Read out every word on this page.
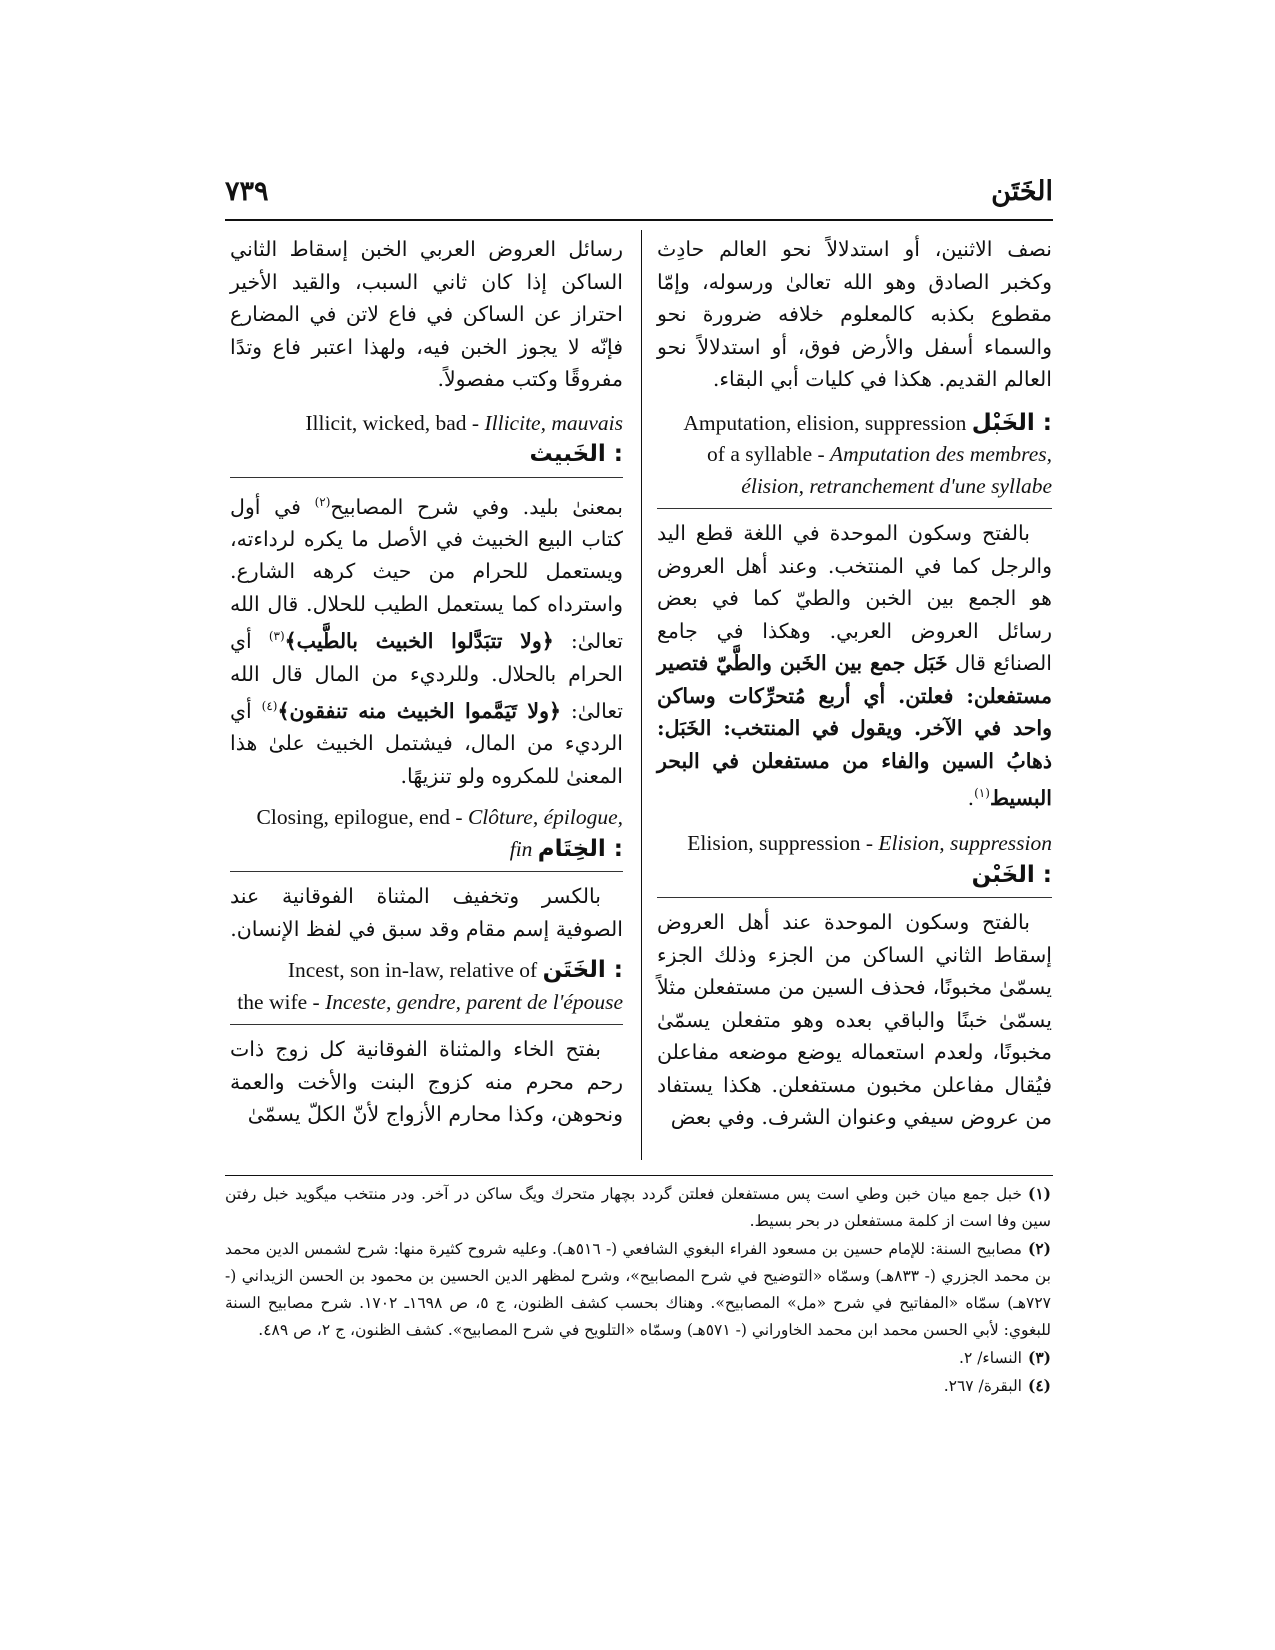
الخَتَن
٧٣٩

نصف الاثنين، أو استدلالاً نحو العالم حادِث وكخبر الصادق وهو الله تعالىٰ ورسوله، وإمّا مقطوع بكذبه كالمعلوم خلافه ضرورة نحو والسماء أسفل والأرض فوق، أو استدلالاً نحو العالم القديم. هكذا في كليات أبي البقاء.

Amputation, elision, suppression الخَبْل :

of a syllable - Amputation des membres, élision, retranchement d'une syllabe

بالفتح وسكون الموحدة في اللغة قطع اليد والرجل كما في المنتخب. وعند أهل العروض هو الجمع بين الخبن والطيّ كما في بعض رسائل العروض العربي. وهكذا في جامع الصنائع قال خَبَل جمع بين الخَبن والطَّيّ فتصير مستفعلن: فعلتن. أي أربع مُتحرِّكات وساكن واحد في الآخر. ويقول في المنتخب: الخَبَل: ذهابُ السين والفاء من مستفعلن في البحر البسيط$^{(١)}$.

Elision, suppression - Elision, suppression الخَبْن :

بالفتح وسكون الموحدة عند أهل العروض إسقاط الثاني الساكن من الجزء وذلك الجزء يسمّىٰ مخبونًا، فحذف السين من مستفعلن مثلاً يسمّىٰ خبنًا والباقي بعده وهو متفعلن يسمّىٰ مخبونًا، ولعدم استعماله يوضع موضعه مفاعلن فيُقال مفاعلن مخبون مستفعلن. هكذا يستفاد من عروض سيفي وعنوان الشرف. وفي بعض

رسائل العروض العربي الخبن إسقاط الثاني الساكن إذا كان ثاني السبب، والقيد الأخير احتراز عن الساكن في فاع لاتن في المضارع فإنّه لا يجوز الخبن فيه، ولهذا اعتبر فاع وتدًا مفروقًا وكتب مفصولاً.

Illicit, wicked, bad - Illicite, mauvais الخَبيث :

بمعنىٰ بليد. وفي شرح المصابيح$^{(٢)}$ في أول كتاب البيع الخبيث في الأصل ما يكره لرداءته، ويستعمل للحرام من حيث كرهه الشارع. واسترداه كما يستعمل الطيب للحلال. قال الله تعالىٰ: ﴿ولا تتبَدَّلوا الخبيث بالطَّيب﴾$^{(٣)}$ أي الحرام بالحلال. وللرديء من المال قال الله تعالىٰ: ﴿ولا تَيَمَّموا الخبيث منه تنفقون﴾$^{(٤)}$ أي الرديء من المال، فيشتمل الخبيث علىٰ هذا المعنىٰ للمكروه ولو تنزيهًا.

Closing, epilogue, end - Clôture, épilogue, fin الخِتَام :

بالكسر وتخفيف المثناة الفوقانية عند الصوفية إسم مقام وقد سبق في لفظ الإنسان.

Incest, son in-law, relative of الخَتَن :

the wife - Inceste, gendre, parent de l'épouse

بفتح الخاء والمثناة الفوقانية كل زوج ذات رحم محرم منه كزوج البنت والأخت والعمة ونحوهن، وكذا محارم الأزواج لأنّ الكلّ يسمّىٰ

(١)خبل جمع ميان خبن وطي است پس مستفعلن فعلتن گردد بچهار متحرك ويگ ساكن در آخر. ودر منتخب ميگويد خبل رفتن سين وفا است از كلمة مستفعلن در بحر بسيط.

(٢)مصابيح السنة: للإمام حسين بن مسعود الفراء البغوي الشافعي (- ٥١٦هـ). وعليه شروح كثيرة منها: شرح لشمس الدين محمد بن محمد الجزري (- ٨٣٣هـ) وسمّاه «التوضيح في شرح المصابيح»، وشرح لمظهر الدين الحسين بن محمود بن الحسن الزيداني (- ٧٢٧هـ) سمّاه «المفاتيح في شرح «مل» المصابيح». وهناك بحسب كشف الظنون، ج ٥، ص ١٦٩٨ـ ١٧٠٢. شرح مصابيح السنة للبغوي: لأبي الحسن محمد ابن محمد الخاوراني (- ٥٧١هـ) وسمّاه «التلويح في شرح المصابيح». كشف الظنون، ج ٢، ص ٤٨٩.

(٣)النساء/ ٢.

(٤)البقرة/ ٢٦٧.
